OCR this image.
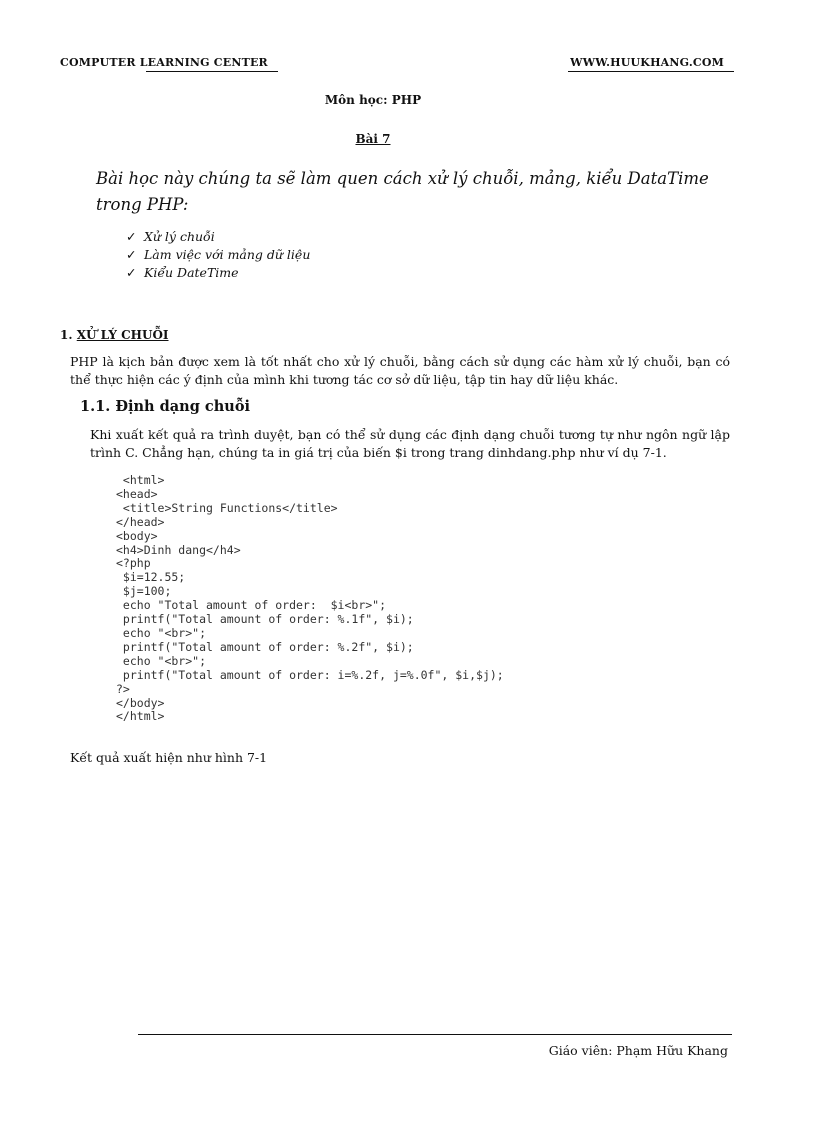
COMPUTER LEARNING CENTER	WWW.HUUKHANG.COM
Môn học: PHP
Bài 7
Bài học này chúng ta sẽ làm quen cách xử lý chuỗi, mảng, kiểu DataTime trong PHP:
✓ Xử lý chuỗi
✓ Làm việc với mảng dữ liệu
✓ Kiểu DateTime
1. XỬ LÝ CHUỖI
PHP là kịch bản được xem là tốt nhất cho xử lý chuỗi, bằng cách sử dụng các hàm xử lý chuỗi, bạn có thể thực hiện các ý định của mình khi tương tác cơ sở dữ liệu, tập tin hay dữ liệu khác.
1.1. Định dạng chuỗi
Khi xuất kết quả ra trình duyệt, bạn có thể sử dụng các định dạng chuỗi tương tự như ngôn ngữ lập trình C. Chẳng hạn, chúng ta in giá trị của biến $i trong trang dinhdang.php như ví dụ 7-1.
<html>
<head>
<title>String Functions</title>
</head>
<body>
<h4>Dinh dang</h4>
<?php
$i=12.55;
$j=100;
echo "Total amount of order:  $i<br>";
printf("Total amount of order: %.1f", $i);
echo "<br>";
printf("Total amount of order: %.2f", $i);
echo "<br>";
printf("Total amount of order: i=%.2f, j=%.0f", $i,$j);
?>
</body>
</html>
Kết quả xuất hiện như hình 7-1
Giáo viên: Phạm Hữu Khang
